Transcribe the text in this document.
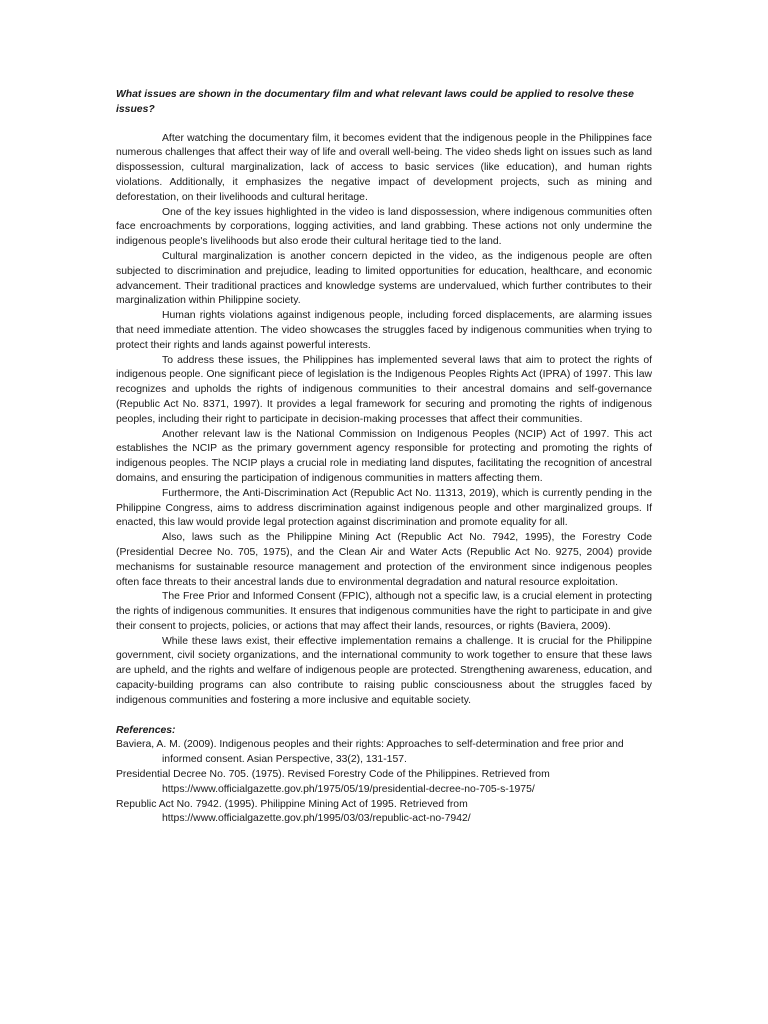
What issues are shown in the documentary film and what relevant laws could be applied to resolve these issues?

After watching the documentary film, it becomes evident that the indigenous people in the Philippines face numerous challenges that affect their way of life and overall well-being. The video sheds light on issues such as land dispossession, cultural marginalization, lack of access to basic services (like education), and human rights violations. Additionally, it emphasizes the negative impact of development projects, such as mining and deforestation, on their livelihoods and cultural heritage.

One of the key issues highlighted in the video is land dispossession, where indigenous communities often face encroachments by corporations, logging activities, and land grabbing. These actions not only undermine the indigenous people's livelihoods but also erode their cultural heritage tied to the land.

Cultural marginalization is another concern depicted in the video, as the indigenous people are often subjected to discrimination and prejudice, leading to limited opportunities for education, healthcare, and economic advancement. Their traditional practices and knowledge systems are undervalued, which further contributes to their marginalization within Philippine society.

Human rights violations against indigenous people, including forced displacements, are alarming issues that need immediate attention. The video showcases the struggles faced by indigenous communities when trying to protect their rights and lands against powerful interests.

To address these issues, the Philippines has implemented several laws that aim to protect the rights of indigenous people. One significant piece of legislation is the Indigenous Peoples Rights Act (IPRA) of 1997. This law recognizes and upholds the rights of indigenous communities to their ancestral domains and self-governance (Republic Act No. 8371, 1997). It provides a legal framework for securing and promoting the rights of indigenous peoples, including their right to participate in decision-making processes that affect their communities.

Another relevant law is the National Commission on Indigenous Peoples (NCIP) Act of 1997. This act establishes the NCIP as the primary government agency responsible for protecting and promoting the rights of indigenous peoples. The NCIP plays a crucial role in mediating land disputes, facilitating the recognition of ancestral domains, and ensuring the participation of indigenous communities in matters affecting them.

Furthermore, the Anti-Discrimination Act (Republic Act No. 11313, 2019), which is currently pending in the Philippine Congress, aims to address discrimination against indigenous people and other marginalized groups. If enacted, this law would provide legal protection against discrimination and promote equality for all.

Also, laws such as the Philippine Mining Act (Republic Act No. 7942, 1995), the Forestry Code (Presidential Decree No. 705, 1975), and the Clean Air and Water Acts (Republic Act No. 9275, 2004) provide mechanisms for sustainable resource management and protection of the environment since indigenous peoples often face threats to their ancestral lands due to environmental degradation and natural resource exploitation.

The Free Prior and Informed Consent (FPIC), although not a specific law, is a crucial element in protecting the rights of indigenous communities. It ensures that indigenous communities have the right to participate in and give their consent to projects, policies, or actions that may affect their lands, resources, or rights (Baviera, 2009).

While these laws exist, their effective implementation remains a challenge. It is crucial for the Philippine government, civil society organizations, and the international community to work together to ensure that these laws are upheld, and the rights and welfare of indigenous people are protected. Strengthening awareness, education, and capacity-building programs can also contribute to raising public consciousness about the struggles faced by indigenous communities and fostering a more inclusive and equitable society.

References:

Baviera, A. M. (2009). Indigenous peoples and their rights: Approaches to self-determination and free prior and informed consent. Asian Perspective, 33(2), 131-157.

Presidential Decree No. 705. (1975). Revised Forestry Code of the Philippines. Retrieved from https://www.officialgazette.gov.ph/1975/05/19/presidential-decree-no-705-s-1975/

Republic Act No. 7942. (1995). Philippine Mining Act of 1995. Retrieved from https://www.officialgazette.gov.ph/1995/03/03/republic-act-no-7942/
